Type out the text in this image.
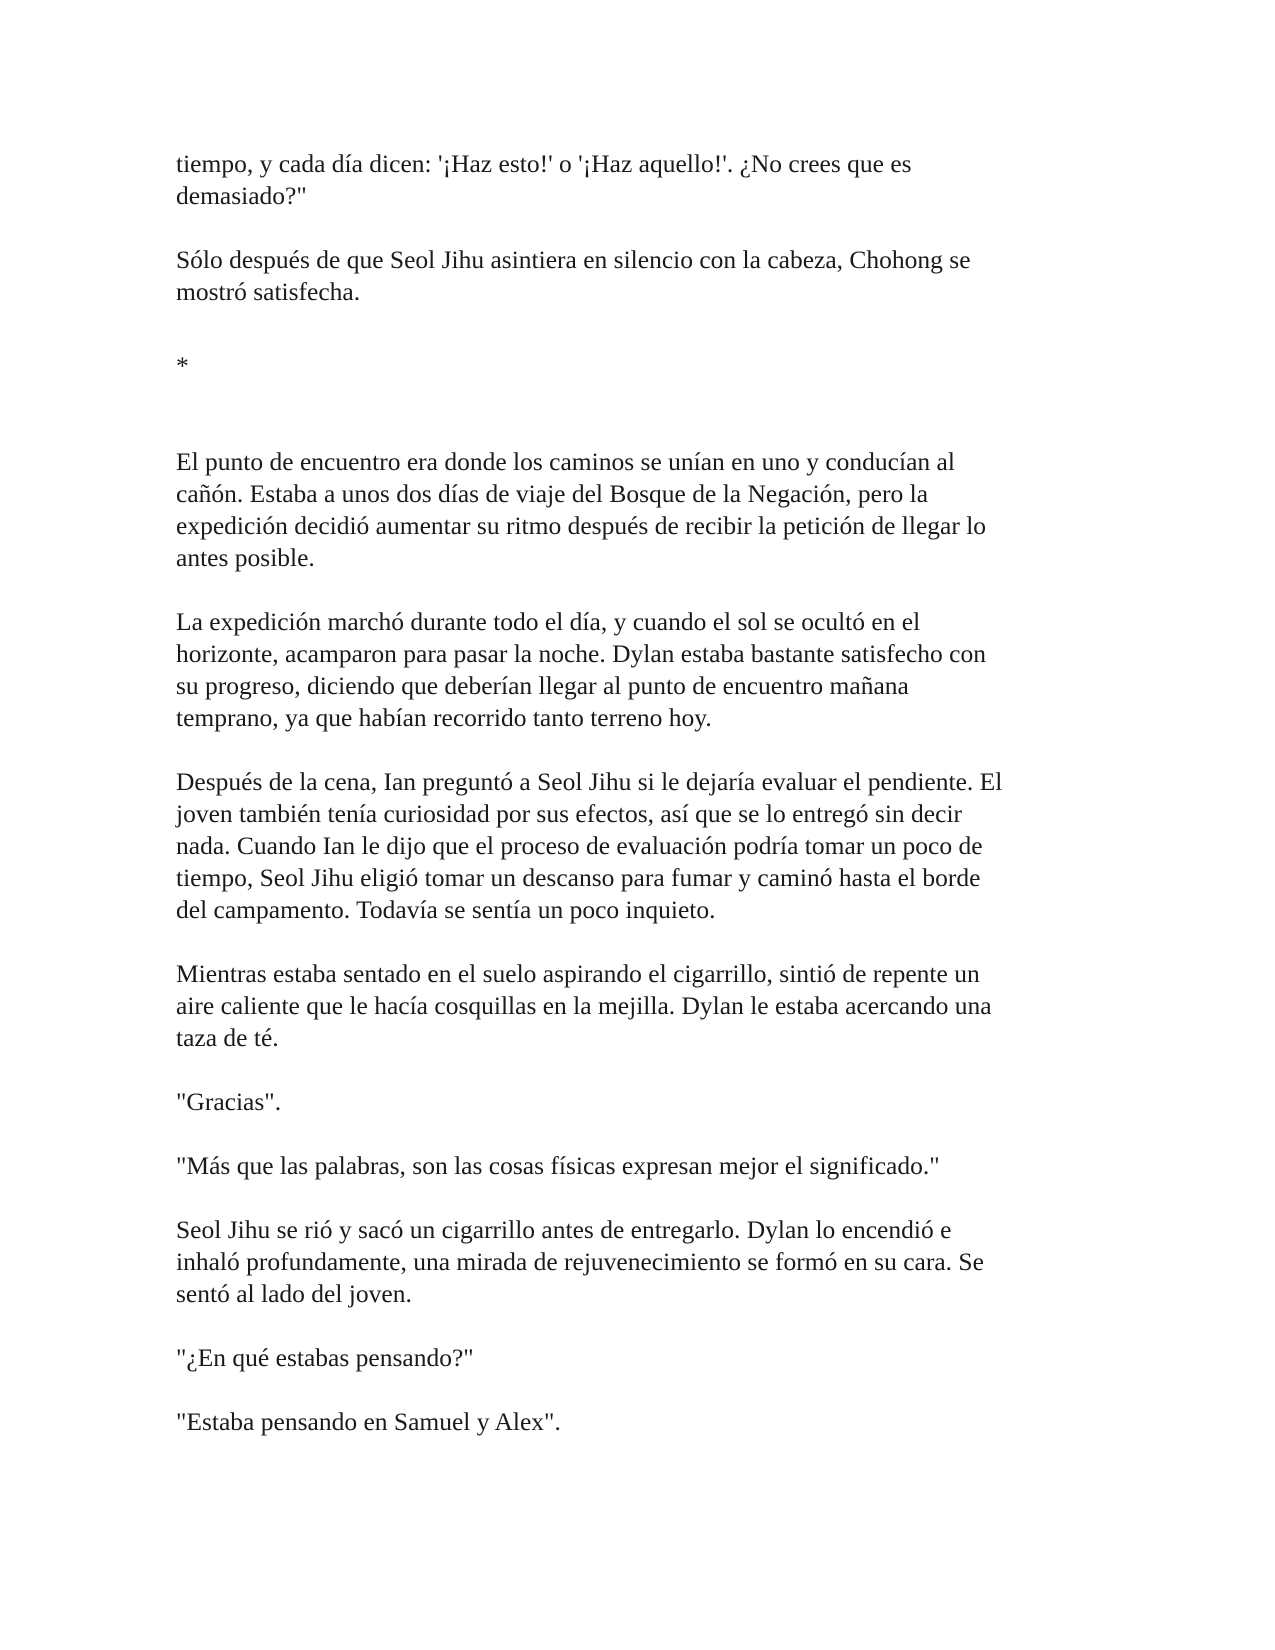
tiempo, y cada día dicen: '¡Haz esto!' o '¡Haz aquello!'. ¿No crees que es
demasiado?"

Sólo después de que Seol Jihu asintiera en silencio con la cabeza, Chohong se
mostró satisfecha.

*

El punto de encuentro era donde los caminos se unían en uno y conducían al
cañón. Estaba a unos dos días de viaje del Bosque de la Negación, pero la
expedición decidió aumentar su ritmo después de recibir la petición de llegar lo
antes posible.

La expedición marchó durante todo el día, y cuando el sol se ocultó en el
horizonte, acamparon para pasar la noche. Dylan estaba bastante satisfecho con
su progreso, diciendo que deberían llegar al punto de encuentro mañana
temprano, ya que habían recorrido tanto terreno hoy.

Después de la cena, Ian preguntó a Seol Jihu si le dejaría evaluar el pendiente. El
joven también tenía curiosidad por sus efectos, así que se lo entregó sin decir
nada. Cuando Ian le dijo que el proceso de evaluación podría tomar un poco de
tiempo, Seol Jihu eligió tomar un descanso para fumar y caminó hasta el borde
del campamento. Todavía se sentía un poco inquieto.

Mientras estaba sentado en el suelo aspirando el cigarrillo, sintió de repente un
aire caliente que le hacía cosquillas en la mejilla. Dylan le estaba acercando una
taza de té.

"Gracias".

"Más que las palabras, son las cosas físicas expresan mejor el significado."

Seol Jihu se rió y sacó un cigarrillo antes de entregarlo. Dylan lo encendió e
inhaló profundamente, una mirada de rejuvenecimiento se formó en su cara. Se
sentó al lado del joven.

"¿En qué estabas pensando?"

"Estaba pensando en Samuel y Alex".
